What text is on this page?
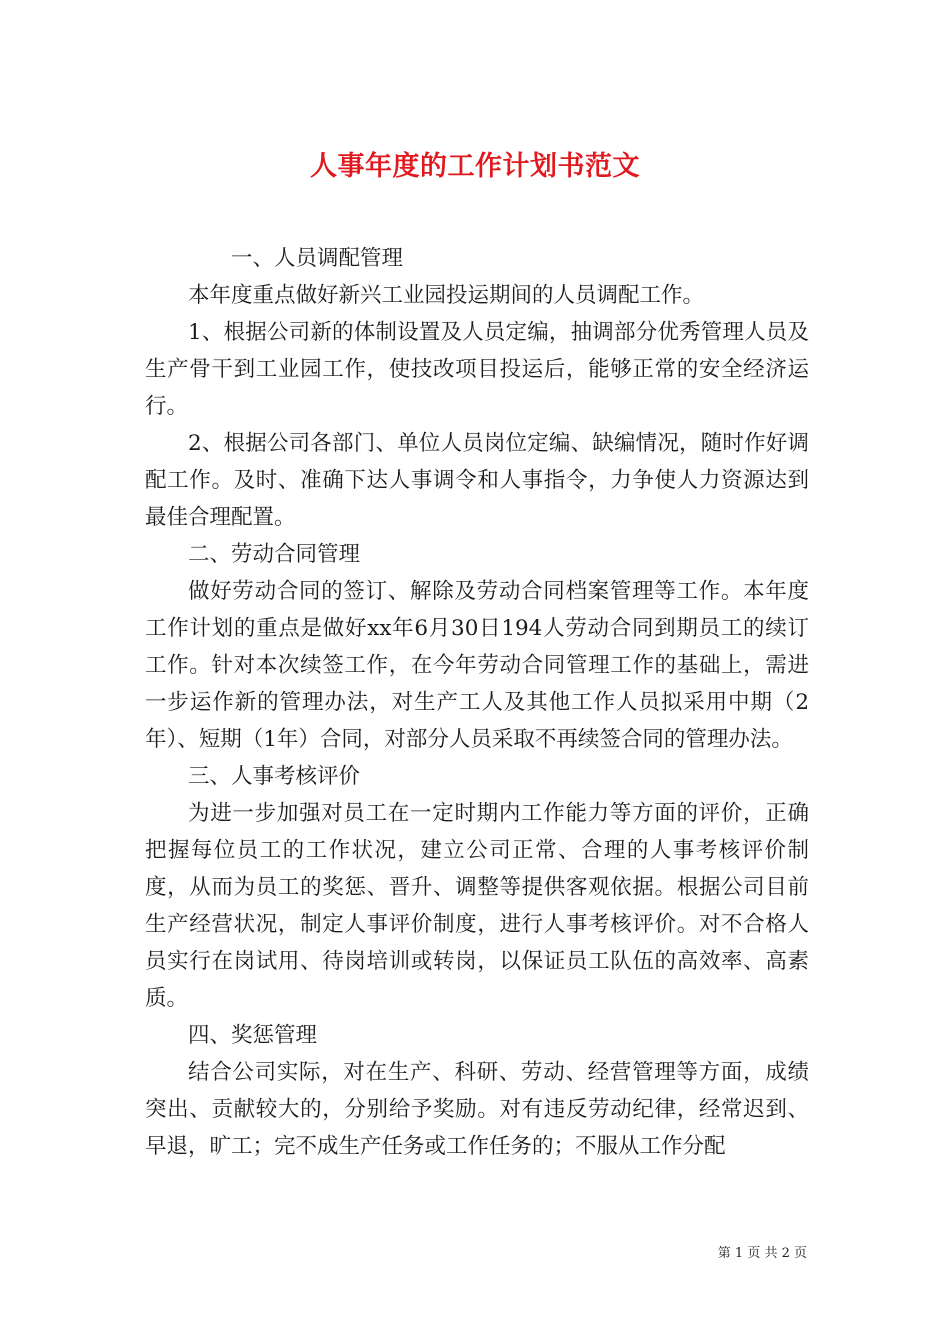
人事年度的工作计划书范文

一、人员调配管理

本年度重点做好新兴工业园投运期间的人员调配工作。

1、根据公司新的体制设置及人员定编，抽调部分优秀管理人员及生产骨干到工业园工作，使技改项目投运后，能够正常的安全经济运行。

2、根据公司各部门、单位人员岗位定编、缺编情况，随时作好调配工作。及时、准确下达人事调令和人事指令，力争使人力资源达到最佳合理配置。

二、劳动合同管理

做好劳动合同的签订、解除及劳动合同档案管理等工作。本年度工作计划的重点是做好xx年6月30日194人劳动合同到期员工的续订工作。针对本次续签工作，在今年劳动合同管理工作的基础上，需进一步运作新的管理办法，对生产工人及其他工作人员拟采用中期（2年）、短期（1年）合同，对部分人员采取不再续签合同的管理办法。

三、人事考核评价

为进一步加强对员工在一定时期内工作能力等方面的评价，正确把握每位员工的工作状况，建立公司正常、合理的人事考核评价制度，从而为员工的奖惩、晋升、调整等提供客观依据。根据公司目前生产经营状况，制定人事评价制度，进行人事考核评价。对不合格人员实行在岗试用、待岗培训或转岗，以保证员工队伍的高效率、高素质。

四、奖惩管理

结合公司实际，对在生产、科研、劳动、经营管理等方面，成绩突出、贡献较大的，分别给予奖励。对有违反劳动纪律，经常迟到、早退，旷工；完不成生产任务或工作任务的；不服从工作分配

第 1 页 共 2 页
